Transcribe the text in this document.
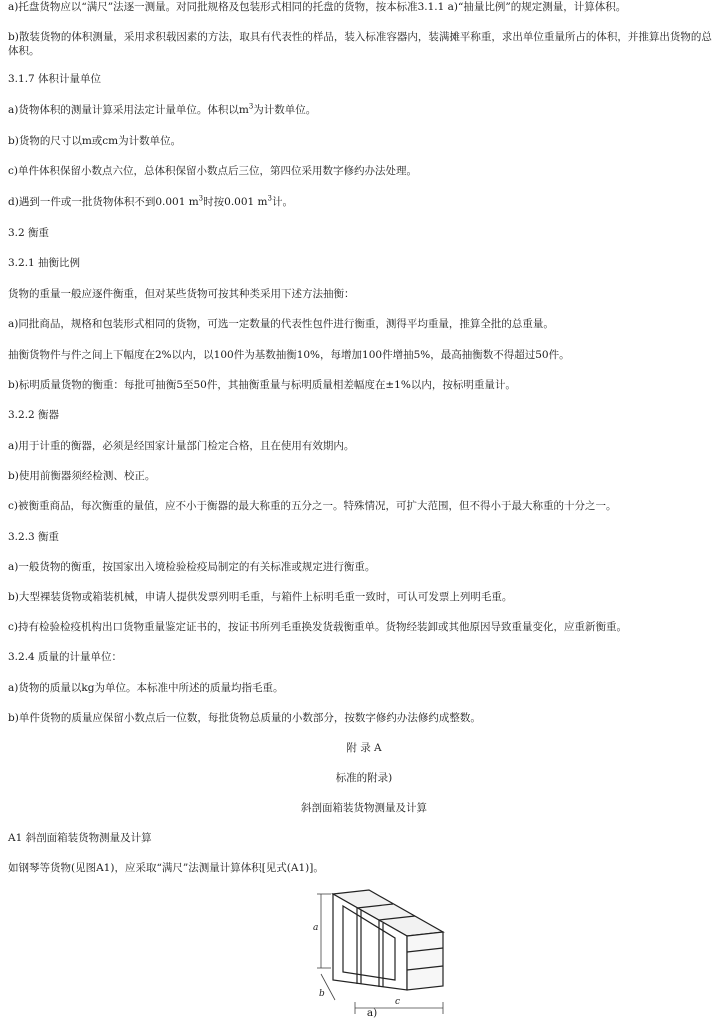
a)托盘货物应以“满尺”法逐一测量。对同批规格及包装形式相同的托盘的货物，按本标准3.1.1 a)“抽量比例”的规定测量，计算体积。
b)散装货物的体积测量，采用求积载因素的方法，取具有代表性的样品，装入标准容器内，装满摊平称重，求出单位重量所占的体积，并推算出货物的总体积。
3.1.7 体积计量单位
a)货物体积的测量计算采用法定计量单位。体积以$m^3$为计数单位。
b)货物的尺寸以m或cm为计数单位。
c)单件体积保留小数点六位，总体积保留小数点后三位，第四位采用数字修约办法处理。
d)遇到一件或一批货物体积不到0.001 $m^3$时按0.001 $m^3$计。
3.2 衡重
3.2.1 抽衡比例
货物的重量一般应逐件衡重，但对某些货物可按其种类采用下述方法抽衡：
a)同批商品，规格和包装形式相同的货物，可选一定数量的代表性包件进行衡重，测得平均重量，推算全批的总重量。
抽衡货物件与件之间上下幅度在2%以内，以100件为基数抽衡10%，每增加100件增抽5%，最高抽衡数不得超过50件。
b)标明质量货物的衡重：每批可抽衡5至50件，其抽衡重量与标明质量相差幅度在±1%以内，按标明重量计。
3.2.2 衡器
a)用于计重的衡器，必须是经国家计量部门检定合格，且在使用有效期内。
b)使用前衡器须经检测、校正。
c)被衡重商品，每次衡重的量值，应不小于衡器的最大称重的五分之一。特殊情况，可扩大范围，但不得小于最大称重的十分之一。
3.2.3 衡重
a)一般货物的衡重，按国家出入境检验检疫局制定的有关标准或规定进行衡重。
b)大型裸装货物或箱装机械，申请人提供发票列明毛重，与箱件上标明毛重一致时，可认可发票上列明毛重。
c)持有检验检疫机构出口货物重量鉴定证书的，按证书所列毛重换发货载衡重单。货物经装卸或其他原因导致重量变化，应重新衡重。
3.2.4 质量的计量单位：
a)货物的质量以kg为单位。本标准中所述的质量均指毛重。
b)单件货物的质量应保留小数点后一位数，每批货物总质量的小数部分，按数字修约办法修约成整数。
附 录 A
标准的附录)
斜剖面箱装货物测量及计算
A1 斜剖面箱装货物测量及计算
如钢琴等货物(见图A1)，应采取“满尺”法测量计算体积[见式(A1)]。
a
b
c
a)
